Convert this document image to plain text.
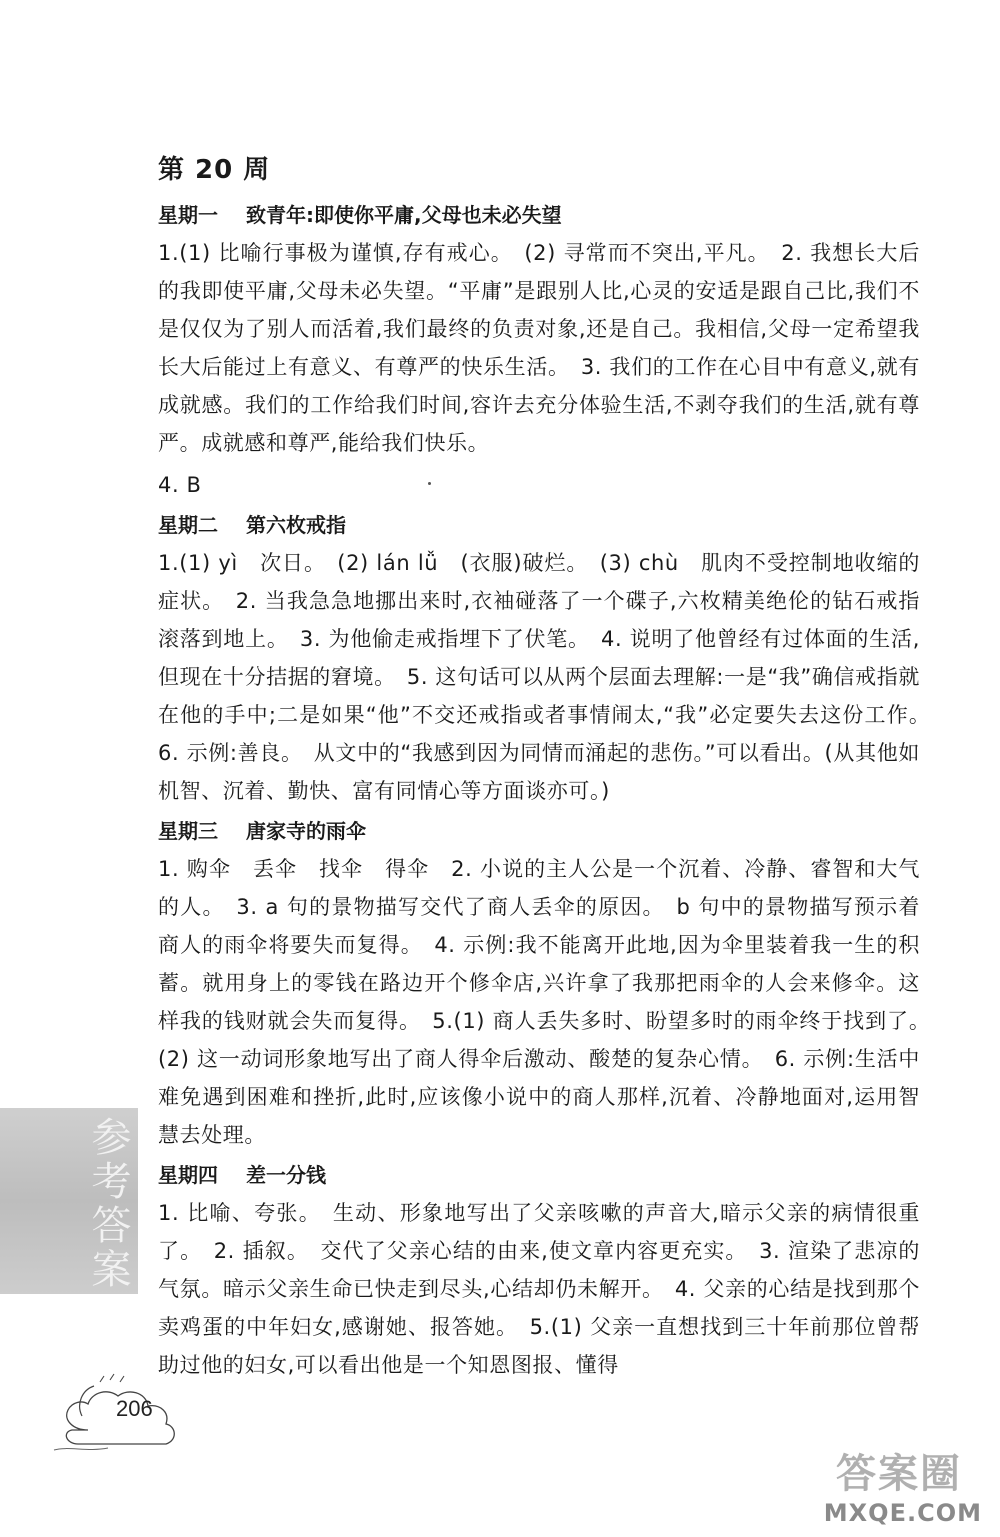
第 20 周
星期一 致青年:即使你平庸,父母也未必失望

1.(1) 比喻行事极为谨慎,存有戒心。　(2) 寻常而不突出,平凡。　2. 我想长大后的我即使平庸,父母未必失望。“平庸”是跟别人比,心灵的安适是跟自己比,我们不是仅仅为了别人而活着,我们最终的负责对象,还是自己。我相信,父母一定希望我长大后能过上有意义、有尊严的快乐生活。　3. 我们的工作在心目中有意义,就有成就感。我们的工作给我们时间,容许去充分体验生活,不剥夺我们的生活,就有尊严。成就感和尊严,能给我们快乐。

4. B

星期二 第六枚戒指

1.(1) yì　次日。　(2) lán lǚ　(衣服)破烂。　(3) chù　肌肉不受控制地收缩的症状。　2. 当我急急地挪出来时,衣袖碰落了一个碟子,六枚精美绝伦的钻石戒指滚落到地上。　3. 为他偷走戒指埋下了伏笔。　4. 说明了他曾经有过体面的生活,但现在十分拮据的窘境。　5. 这句话可以从两个层面去理解:一是“我”确信戒指就在他的手中;二是如果“他”不交还戒指或者事情闹太,“我”必定要失去这份工作。　6. 示例:善良。　从文中的“我感到因为同情而涌起的悲伤。”可以看出。(从其他如机智、沉着、勤快、富有同情心等方面谈亦可。)

星期三 唐家寺的雨伞

1. 购伞　丢伞　找伞　得伞　2. 小说的主人公是一个沉着、冷静、睿智和大气的人。　3. a 句的景物描写交代了商人丢伞的原因。　b 句中的景物描写预示着商人的雨伞将要失而复得。　4. 示例:我不能离开此地,因为伞里装着我一生的积蓄。就用身上的零钱在路边开个修伞店,兴许拿了我那把雨伞的人会来修伞。这样我的钱财就会失而复得。　5.(1) 商人丢失多时、盼望多时的雨伞终于找到了。　(2) 这一动词形象地写出了商人得伞后激动、酸楚的复杂心情。　6. 示例:生活中难免遇到困难和挫折,此时,应该像小说中的商人那样,沉着、冷静地面对,运用智慧去处理。

星期四 差一分钱

1. 比喻、夸张。　生动、形象地写出了父亲咳嗽的声音大,暗示父亲的病情很重了。　2. 插叙。　交代了父亲心结的由来,使文章内容更充实。　3. 渲染了悲凉的气氛。暗示父亲生命已快走到尽头,心结却仍未解开。　4. 父亲的心结是找到那个卖鸡蛋的中年妇女,感谢她、报答她。　5.(1) 父亲一直想找到三十年前那位曾帮助过他的妇女,可以看出他是一个知恩图报、懂得

参考答案
206
答案圈
MXQE.COM
